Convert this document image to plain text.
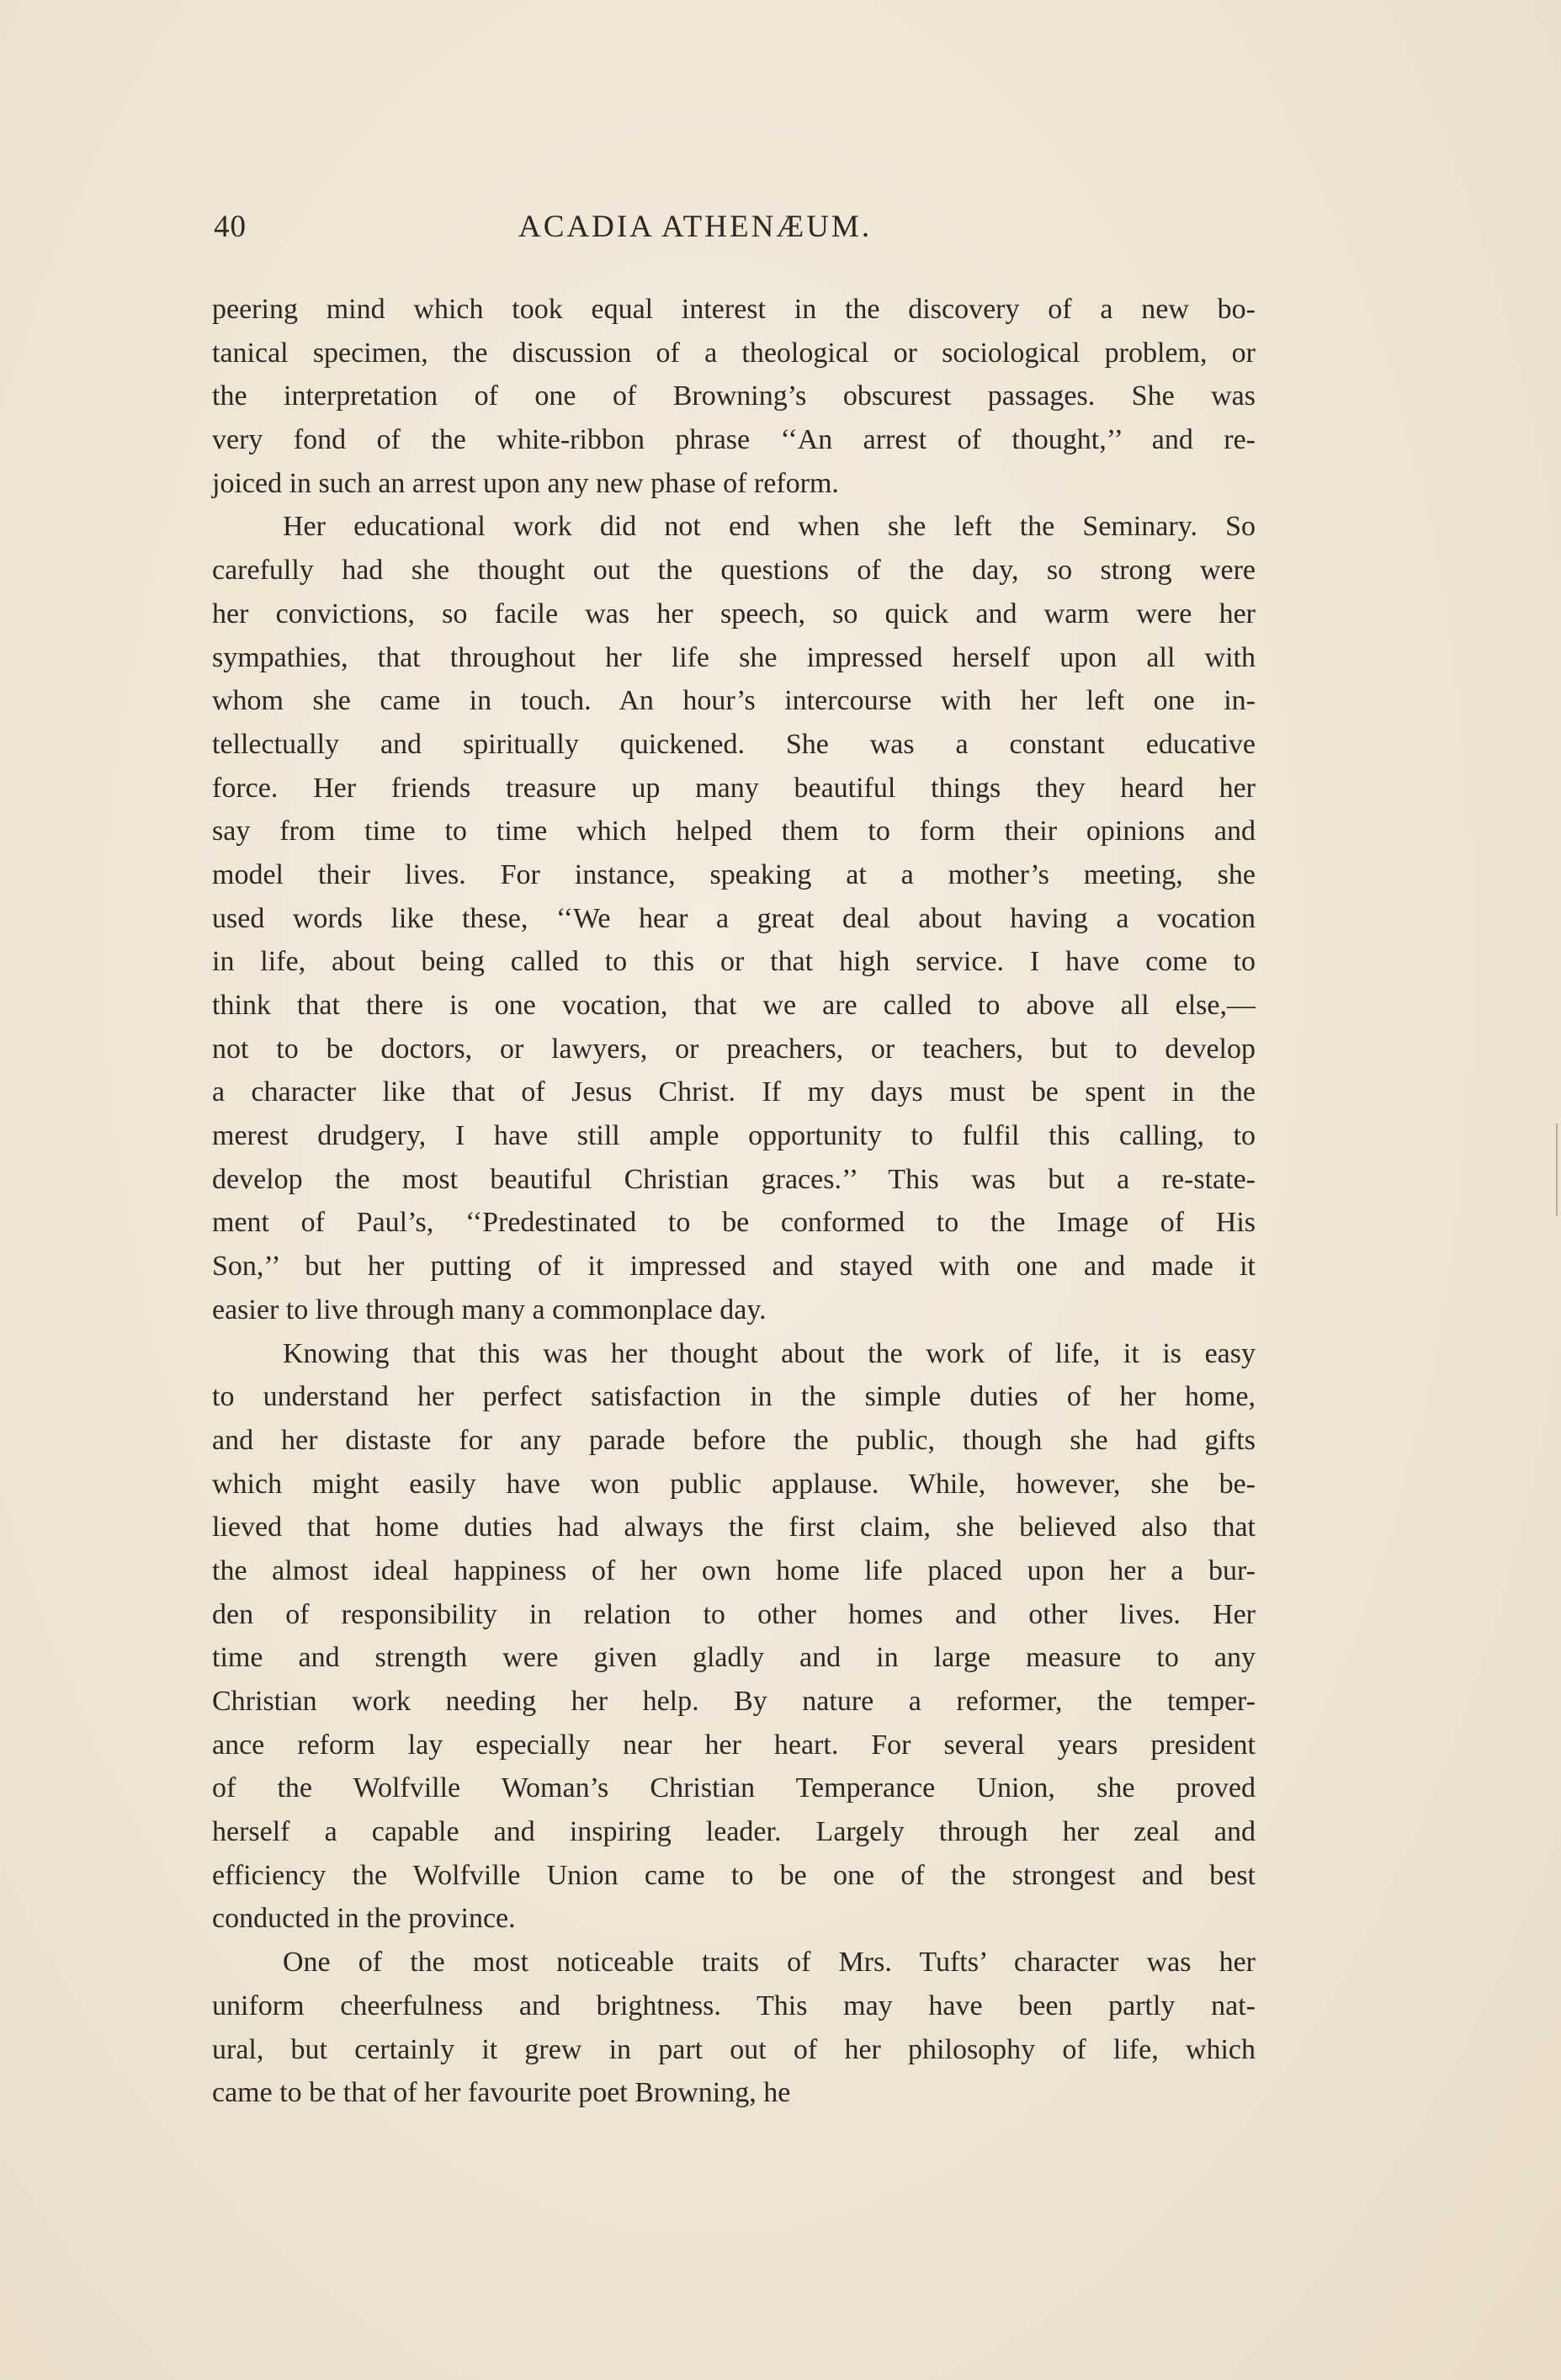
40	ACADIA ATHENÆUM.
peering mind which took equal interest in the discovery of a new bo-
tanical specimen, the discussion of a theological or sociological problem, or
the interpretation of one of Browning’s obscurest passages. She was
very fond of the white-ribbon phrase ‘‘An arrest of thought,’’ and re-
joiced in such an arrest upon any new phase of reform.
Her educational work did not end when she left the Seminary. So
carefully had she thought out the questions of the day, so strong were
her convictions, so facile was her speech, so quick and warm were her
sympathies, that throughout her life she impressed herself upon all with
whom she came in touch. An hour’s intercourse with her left one in-
tellectually and spiritually quickened. She was a constant educative
force. Her friends treasure up many beautiful things they heard her
say from time to time which helped them to form their opinions and
model their lives. For instance, speaking at a mother’s meeting, she
used words like these, ‘‘We hear a great deal about having a vocation
in life, about being called to this or that high service. I have come to
think that there is one vocation, that we are called to above all else,—
not to be doctors, or lawyers, or preachers, or teachers, but to develop
a character like that of Jesus Christ. If my days must be spent in the
merest drudgery, I have still ample opportunity to fulfil this calling, to
develop the most beautiful Christian graces.’’ This was but a re-state-
ment of Paul’s, ‘‘Predestinated to be conformed to the Image of His
Son,’’ but her putting of it impressed and stayed with one and made it
easier to live through many a commonplace day.
Knowing that this was her thought about the work of life, it is easy
to understand her perfect satisfaction in the simple duties of her home,
and her distaste for any parade before the public, though she had gifts
which might easily have won public applause. While, however, she be-
lieved that home duties had always the first claim, she believed also that
the almost ideal happiness of her own home life placed upon her a bur-
den of responsibility in relation to other homes and other lives. Her
time and strength were given gladly and in large measure to any
Christian work needing her help. By nature a reformer, the temper-
ance reform lay especially near her heart. For several years president
of the Wolfville Woman’s Christian Temperance Union, she proved
herself a capable and inspiring leader. Largely through her zeal and
efficiency the Wolfville Union came to be one of the strongest and best
conducted in the province.
One of the most noticeable traits of Mrs. Tufts’ character was her
uniform cheerfulness and brightness. This may have been partly nat-
ural, but certainly it grew in part out of her philosophy of life, which
came to be that of her favourite poet Browning, he
